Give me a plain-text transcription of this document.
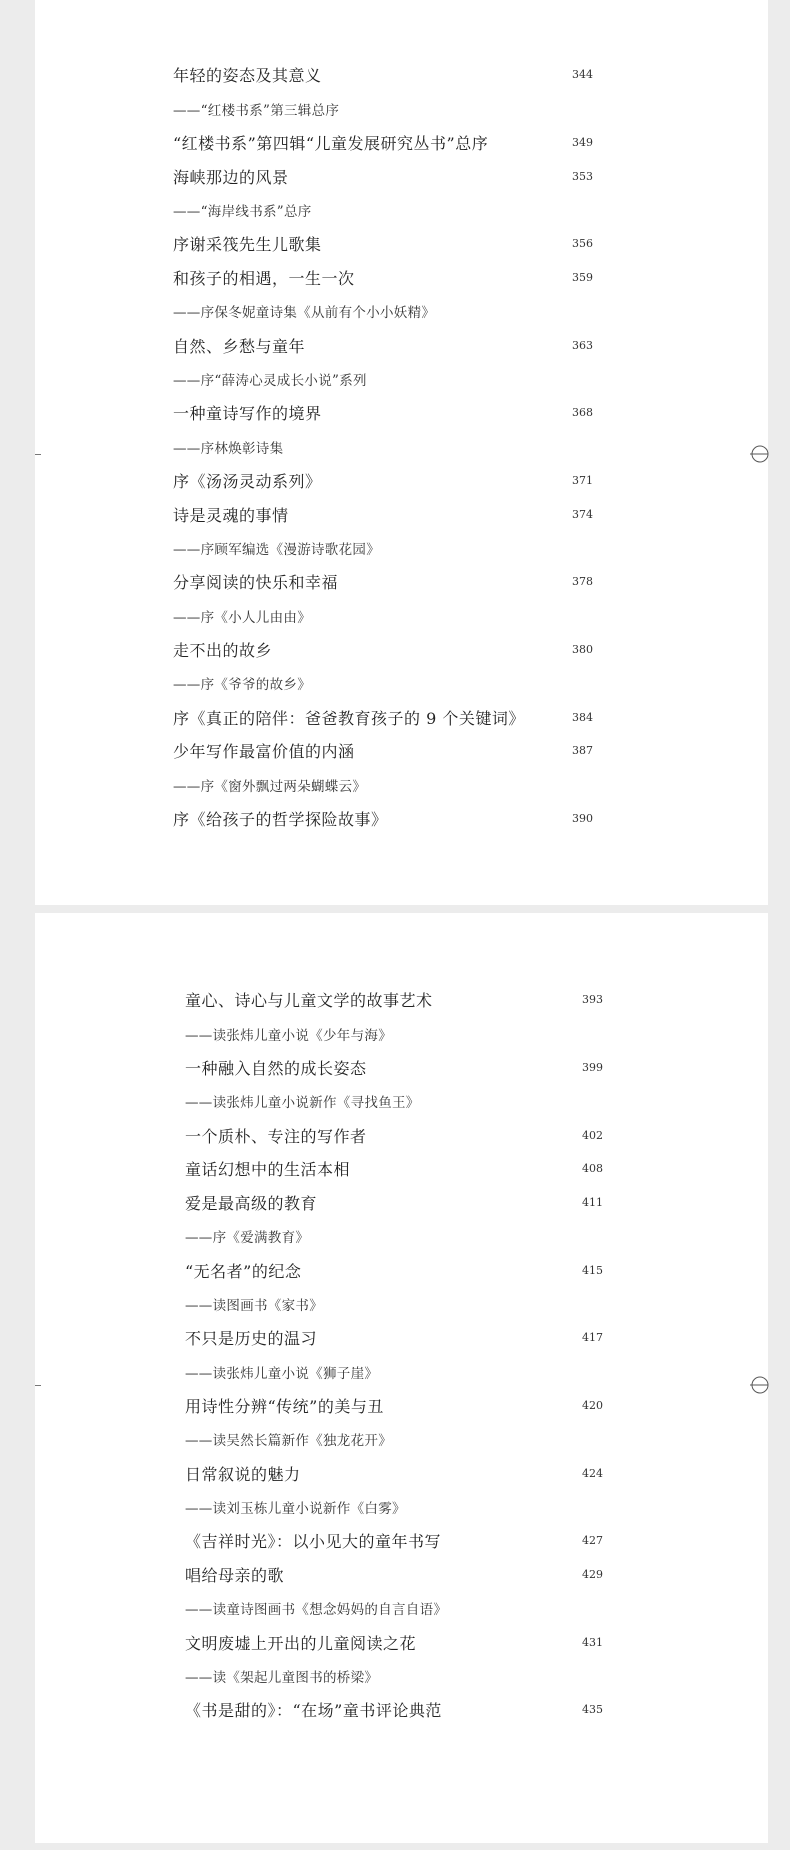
年轻的姿态及其意义	344
——“红楼书系”第三辑总序
“红楼书系”第四辑“儿童发展研究丛书”总序	349
海峡那边的风景	353
——“海岸线书系”总序
序谢采筏先生儿歌集	356
和孩子的相遇，一生一次	359
——序保冬妮童诗集《从前有个小小妖精》
自然、乡愁与童年	363
——序“薛涛心灵成长小说”系列
一种童诗写作的境界	368
——序林焕彰诗集
序《汤汤灵动系列》	371
诗是灵魂的事情	374
——序顾军编选《漫游诗歌花园》
分享阅读的快乐和幸福	378
——序《小人儿由由》
走不出的故乡	380
——序《爷爷的故乡》
序《真正的陪伴：爸爸教育孩子的 9 个关键词》	384
少年写作最富价值的内涵	387
——序《窗外飘过两朵蝴蝶云》
序《给孩子的哲学探险故事》	390
童心、诗心与儿童文学的故事艺术	393
——读张炜儿童小说《少年与海》
一种融入自然的成长姿态	399
——读张炜儿童小说新作《寻找鱼王》
一个质朴、专注的写作者	402
童话幻想中的生活本相	408
爱是最高级的教育	411
——序《爱满教育》
“无名者”的纪念	415
——读图画书《家书》
不只是历史的温习	417
——读张炜儿童小说《狮子崖》
用诗性分辨“传统”的美与丑	420
——读吴然长篇新作《独龙花开》
日常叙说的魅力	424
——读刘玉栋儿童小说新作《白雾》
《吉祥时光》：以小见大的童年书写	427
唱给母亲的歌	429
——读童诗图画书《想念妈妈的自言自语》
文明废墟上开出的儿童阅读之花	431
——读《架起儿童图书的桥梁》
《书是甜的》：“在场”童书评论典范	435
